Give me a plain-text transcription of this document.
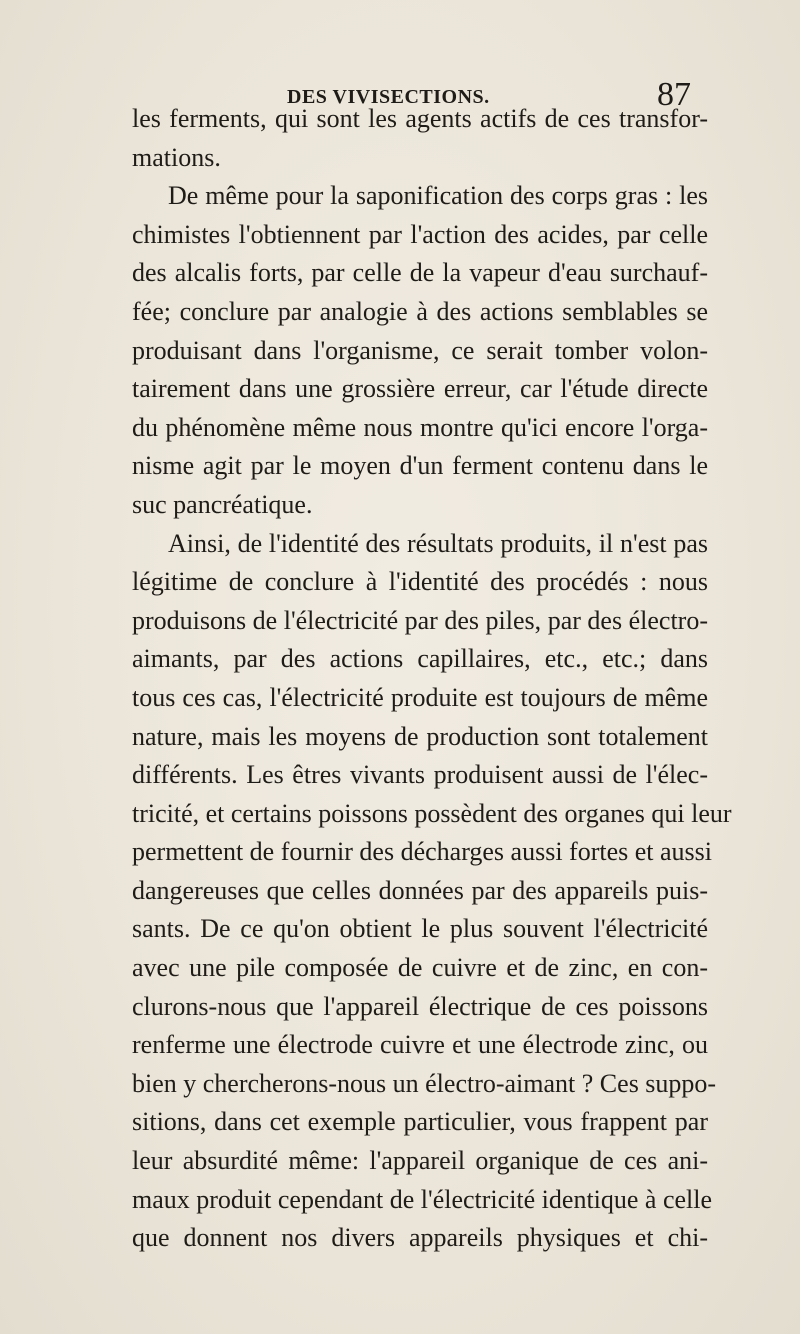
DES VIVISECTIONS.	87
les ferments, qui sont les agents actifs de ces transfor-
mations.
De même pour la saponification des corps gras : les
chimistes l'obtiennent par l'action des acides, par celle
des alcalis forts, par celle de la vapeur d'eau surchauf-
fée; conclure par analogie à des actions semblables se
produisant dans l'organisme, ce serait tomber volon-
tairement dans une grossière erreur, car l'étude directe
du phénomène même nous montre qu'ici encore l'orga-
nisme agit par le moyen d'un ferment contenu dans le
suc pancréatique.
Ainsi, de l'identité des résultats produits, il n'est pas
légitime de conclure à l'identité des procédés : nous
produisons de l'électricité par des piles, par des électro-
aimants, par des actions capillaires, etc., etc.; dans
tous ces cas, l'électricité produite est toujours de même
nature, mais les moyens de production sont totalement
différents. Les êtres vivants produisent aussi de l'élec-
tricité, et certains poissons possèdent des organes qui leur
permettent de fournir des décharges aussi fortes et aussi
dangereuses que celles données par des appareils puis-
sants. De ce qu'on obtient le plus souvent l'électricité
avec une pile composée de cuivre et de zinc, en con-
clurons-nous que l'appareil électrique de ces poissons
renferme une électrode cuivre et une électrode zinc, ou
bien y chercherons-nous un électro-aimant ? Ces suppo-
sitions, dans cet exemple particulier, vous frappent par
leur absurdité même: l'appareil organique de ces ani-
maux produit cependant de l'électricité identique à celle
que donnent nos divers appareils physiques et chi-
